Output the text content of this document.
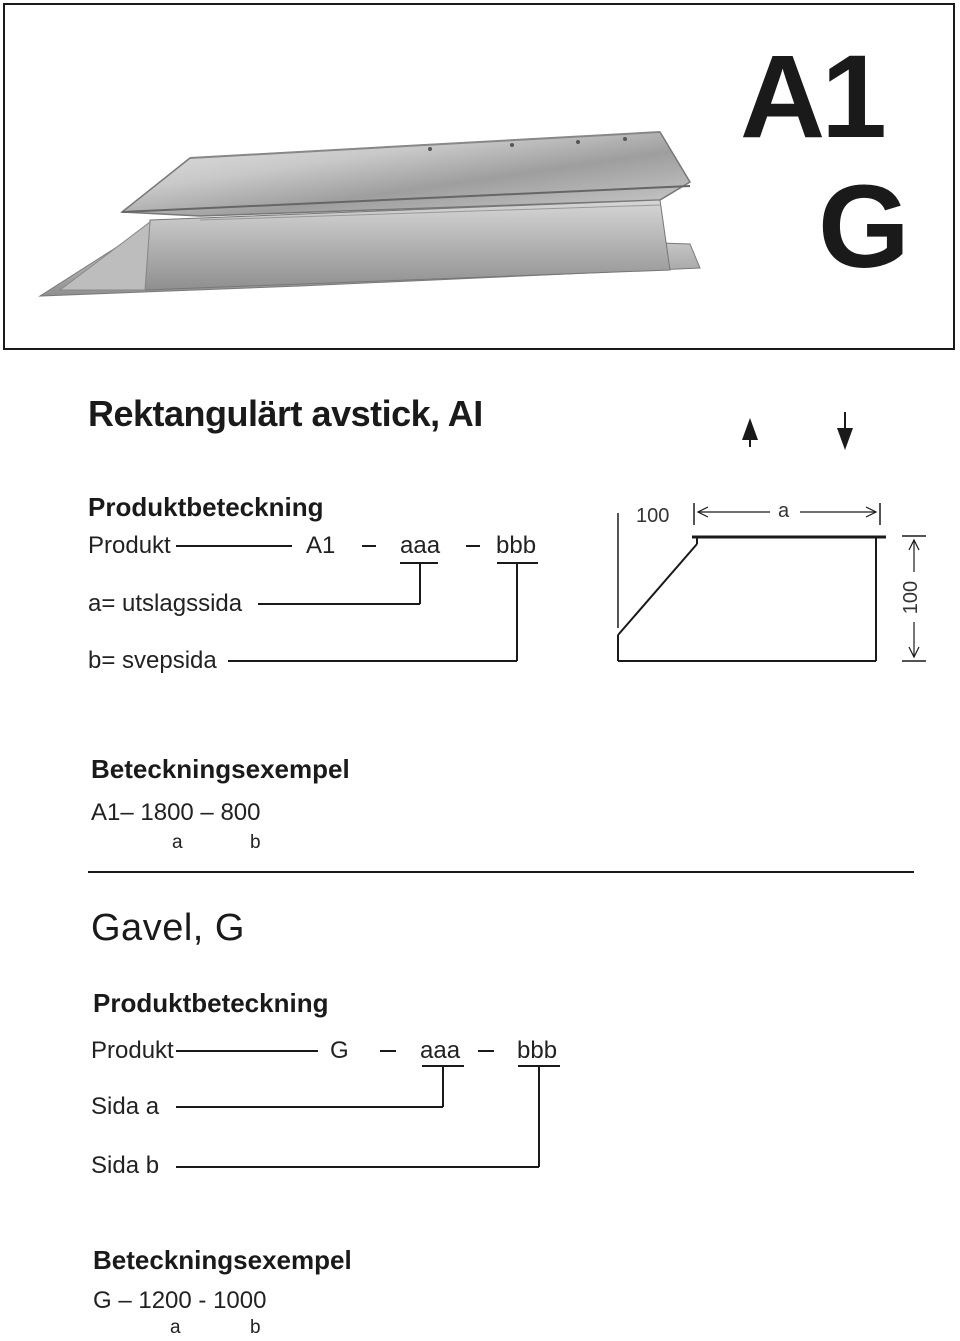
A1
G
Rektangulärt avstick, AI
Produktbeteckning
Produkt	A1	aaa bbb
a= utslagssida
b= svepsida
100	a
100
Beteckningsexempel
A1– 1800 – 800
a	b
Gavel, G
Produktbeteckning
Produkt	G	aaa bbb
Sida a
Sida b
Beteckningsexempel
G – 1200 - 1000
a	b
